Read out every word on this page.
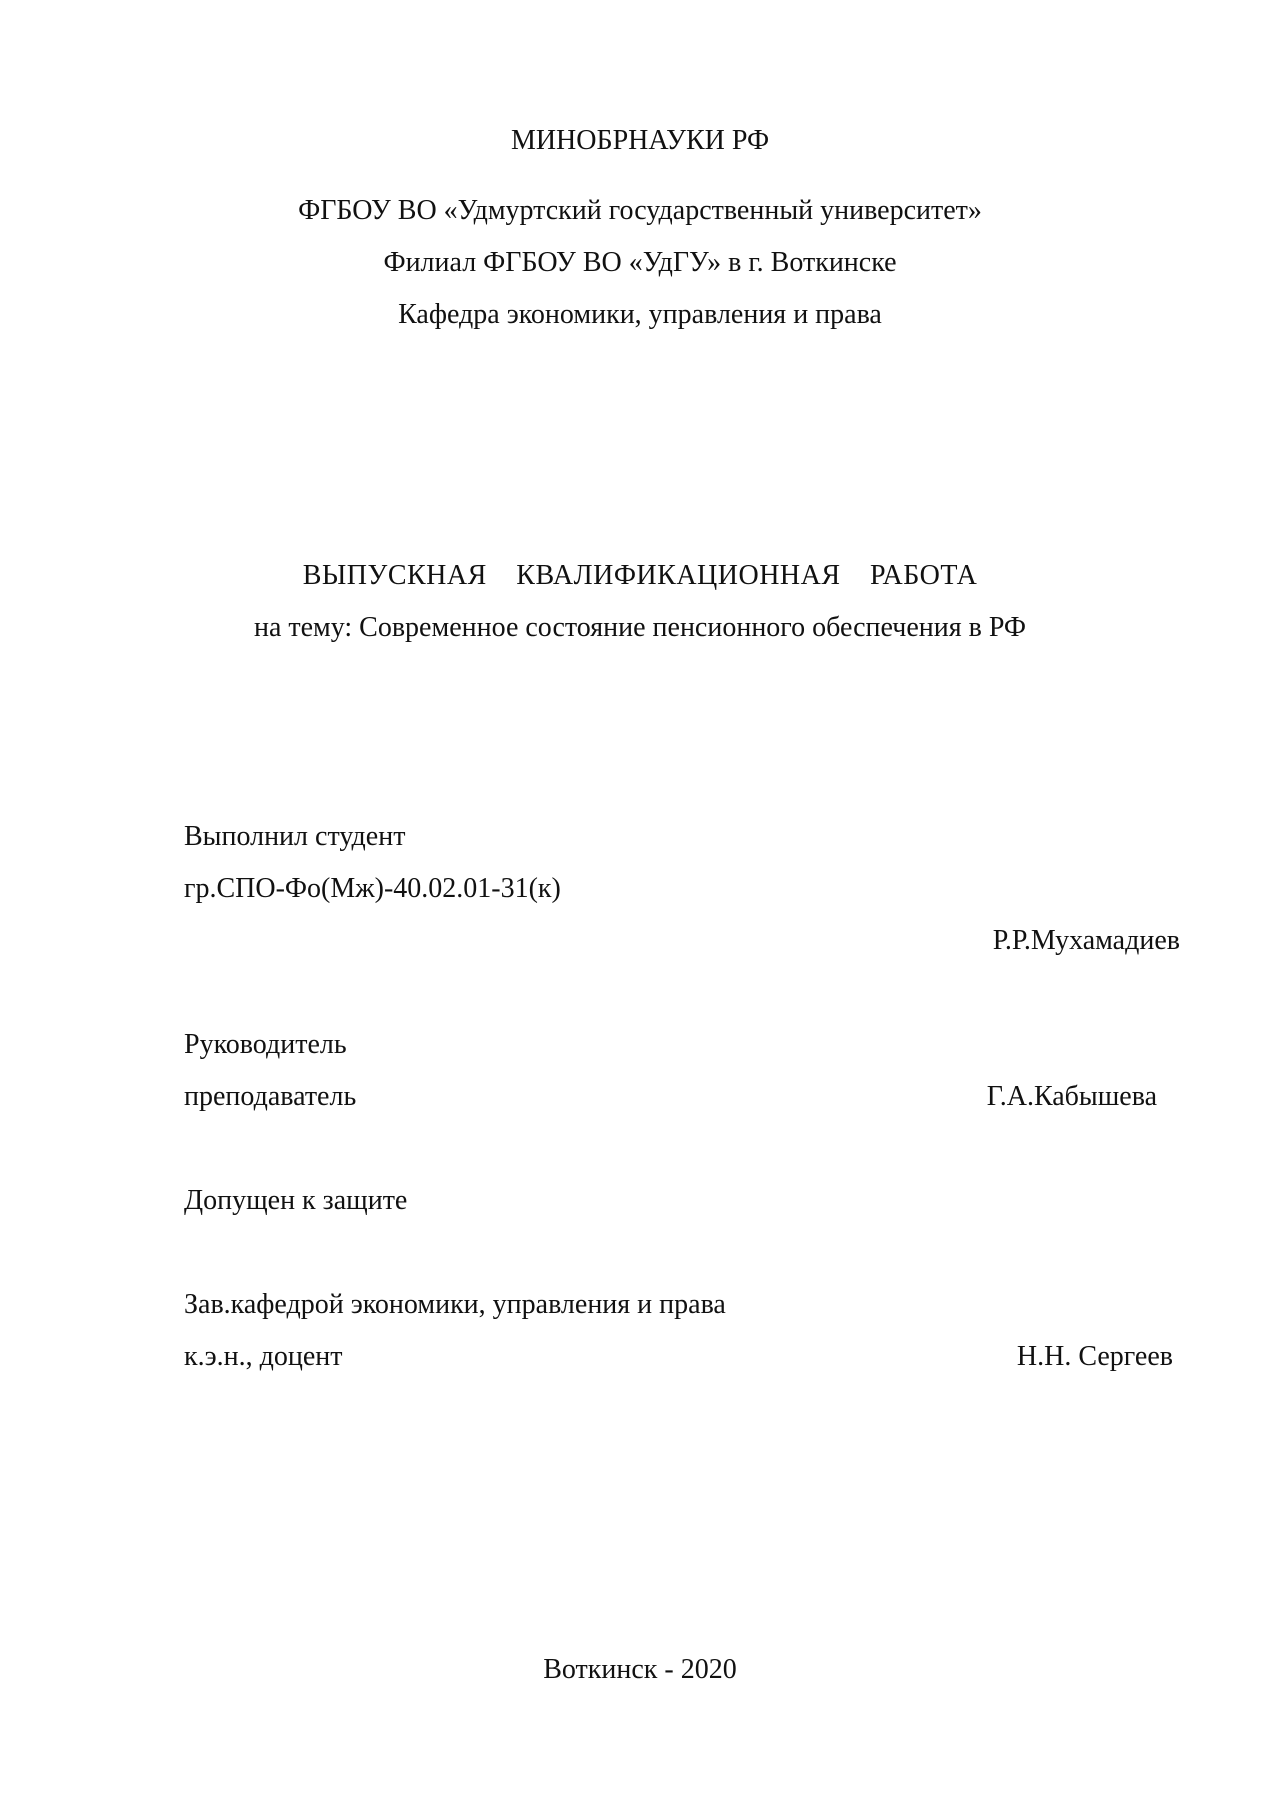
МИНОБРНАУКИ РФ
ФГБОУ ВО «Удмуртский государственный университет»
Филиал ФГБОУ ВО «УдГУ» в г. Воткинске
Кафедра экономики, управления и права
ВЫПУСКНАЯ КВАЛИФИКАЦИОННАЯ РАБОТА
на тему: Современное состояние пенсионного обеспечения в РФ
Выполнил студент
гр.СПО-Фо(Мж)-40.02.01-31(к)
Р.Р.Мухамадиев
Руководитель
преподаватель	Г.А.Кабышева
Допущен к защите
Зав.кафедрой экономики, управления и права
к.э.н., доцент	Н.Н. Сергеев
Воткинск - 2020
